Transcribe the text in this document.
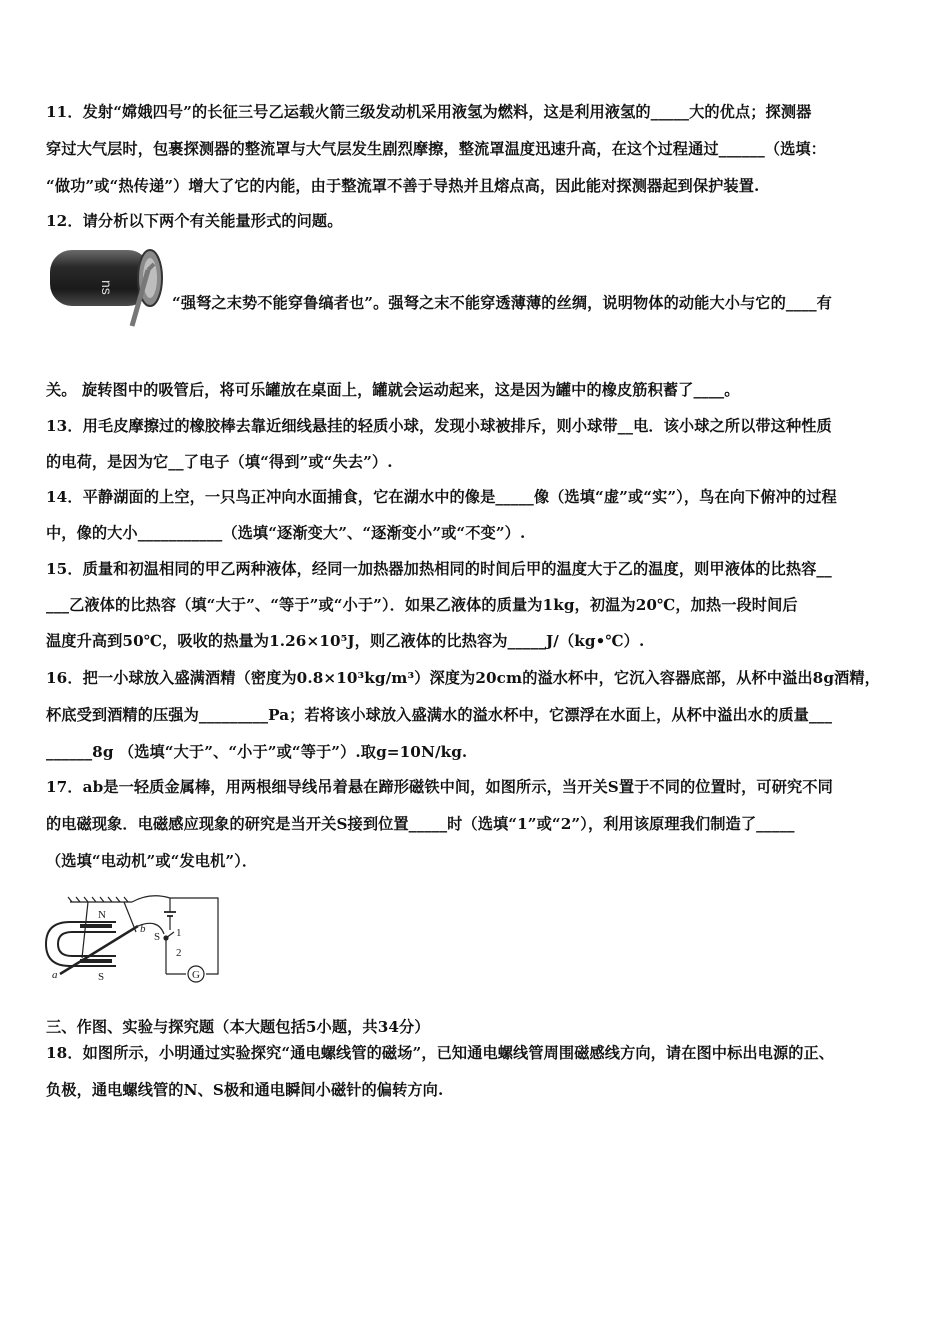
11．发射“嫦娥四号”的长征三号乙运载火箭三级发动机采用液氢为燃料，这是利用液氢的_____大的优点；探测器
穿过大气层时，包裹探测器的整流罩与大气层发生剧烈摩擦，整流罩温度迅速升高，在这个过程通过______（选填：
“做功”或“热传递”）增大了它的内能，由于整流罩不善于导热并且熔点高，因此能对探测器起到保护装置.
12．请分析以下两个有关能量形式的问题。
ns
“强弩之末势不能穿鲁缟者也”。强弩之末不能穿透薄薄的丝绸，说明物体的动能大小与它的____有
关。 旋转图中的吸管后，将可乐罐放在桌面上，罐就会运动起来，这是因为罐中的橡皮筋积蓄了____。
13．用毛皮摩擦过的橡胶棒去靠近细线悬挂的轻质小球，发现小球被排斥，则小球带__电．该小球之所以带这种性质
的电荷，是因为它__了电子（填“得到”或“失去”）.
14．平静湖面的上空，一只鸟正冲向水面捕食，它在湖水中的像是_____像（选填“虚”或“实”），鸟在向下俯冲的过程
中，像的大小___________（选填“逐渐变大”、“逐渐变小”或“不变”）.
15．质量和初温相同的甲乙两种液体，经同一加热器加热相同的时间后甲的温度大于乙的温度，则甲液体的比热容__
___乙液体的比热容（填“大于”、“等于”或“小于”）．如果乙液体的质量为1kg，初温为20℃，加热一段时间后
温度升高到50℃，吸收的热量为1.26×10⁵J，则乙液体的比热容为_____J/（kg•℃）.
16．把一小球放入盛满酒精（密度为0.8×10³kg/m³）深度为20cm的溢水杯中，它沉入容器底部，从杯中溢出8g酒精，
杯底受到酒精的压强为_________Pa；若将该小球放入盛满水的溢水杯中，它漂浮在水面上，从杯中溢出水的质量___
______8g （选填“大于”、“小于”或“等于”）.取g=10N/kg.
17．ab是一轻质金属棒，用两根细导线吊着悬在蹄形磁铁中间，如图所示，当开关S置于不同的位置时，可研究不同
的电磁现象．电磁感应现象的研究是当开关S接到位置_____时（选填“1”或“2”），利用该原理我们制造了_____
（选填“电动机”或“发电机”）．
N
S
a
b
S 1
2
G
三、作图、实验与探究题（本大题包括5小题，共34分）
18．如图所示，小明通过实验探究“通电螺线管的磁场”，已知通电螺线管周围磁感线方向，请在图中标出电源的正、
负极，通电螺线管的N、S极和通电瞬间小磁针的偏转方向.
